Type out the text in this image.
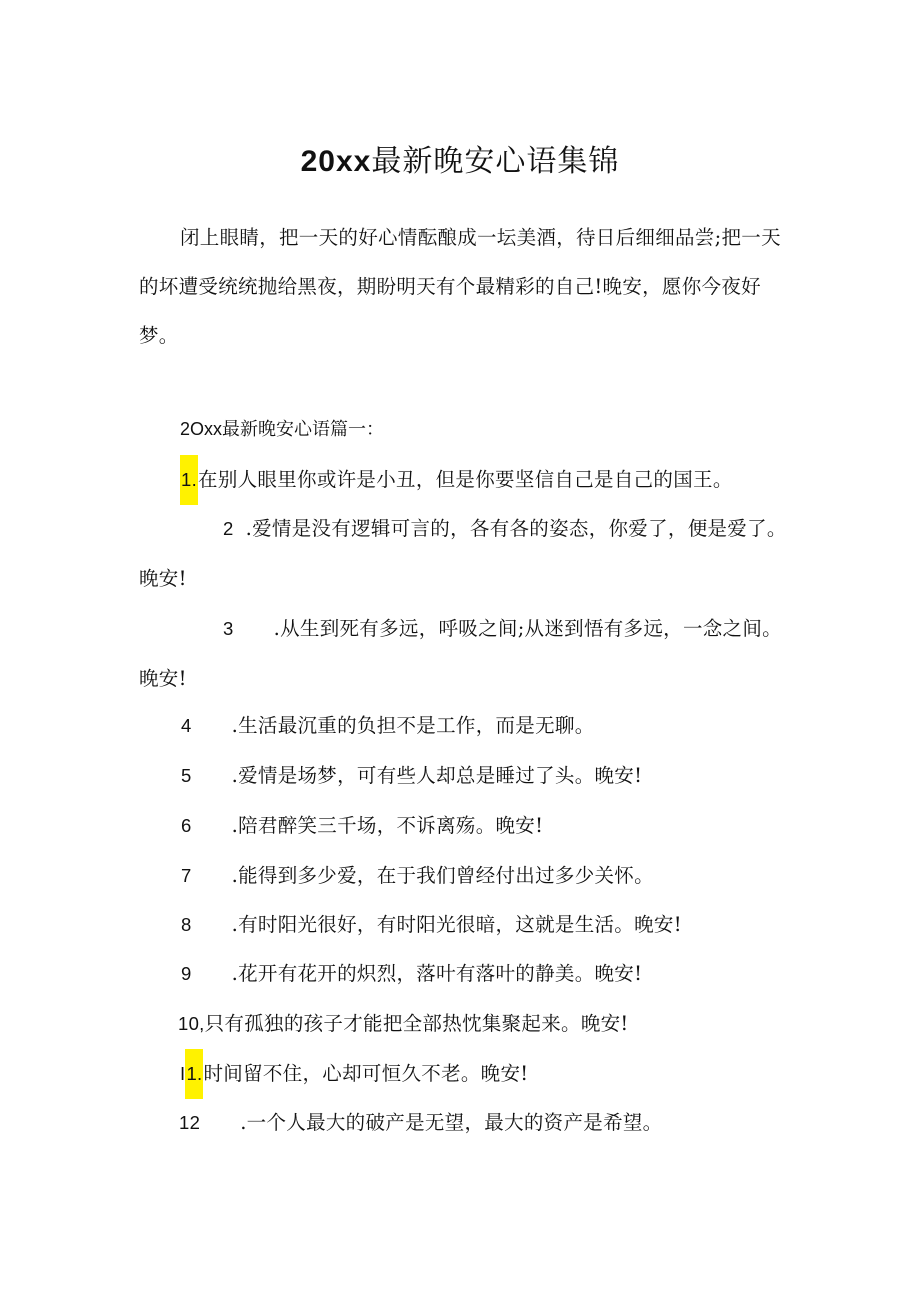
20xx最新晚安心语集锦
闭上眼睛，把一天的好心情酝酿成一坛美酒，待日后细细品尝;把一天的坏遭受统统抛给黑夜，期盼明天有个最精彩的自己!晚安，愿你今夜好梦。
2Oxx最新晚安心语篇一：
1.在别人眼里你或许是小丑，但是你要坚信自己是自己的国王。
2 .爱情是没有逻辑可言的，各有各的姿态，你爱了，便是爱了。晚安!
3 .从生到死有多远，呼吸之间;从迷到悟有多远，一念之间。晚安!
4 .生活最沉重的负担不是工作，而是无聊。
5 .爱情是场梦，可有些人却总是睡过了头。晚安!
6 .陪君醉笑三千场，不诉离殇。晚安!
7 .能得到多少爱，在于我们曾经付出过多少关怀。
8 .有时阳光很好，有时阳光很暗，这就是生活。晚安!
9 .花开有花开的炽烈，落叶有落叶的静美。晚安!
10,只有孤独的孩子才能把全部热忱集聚起来。晚安!
I1.时间留不住，心却可恒久不老。晚安!
12 .一个人最大的破产是无望，最大的资产是希望。
